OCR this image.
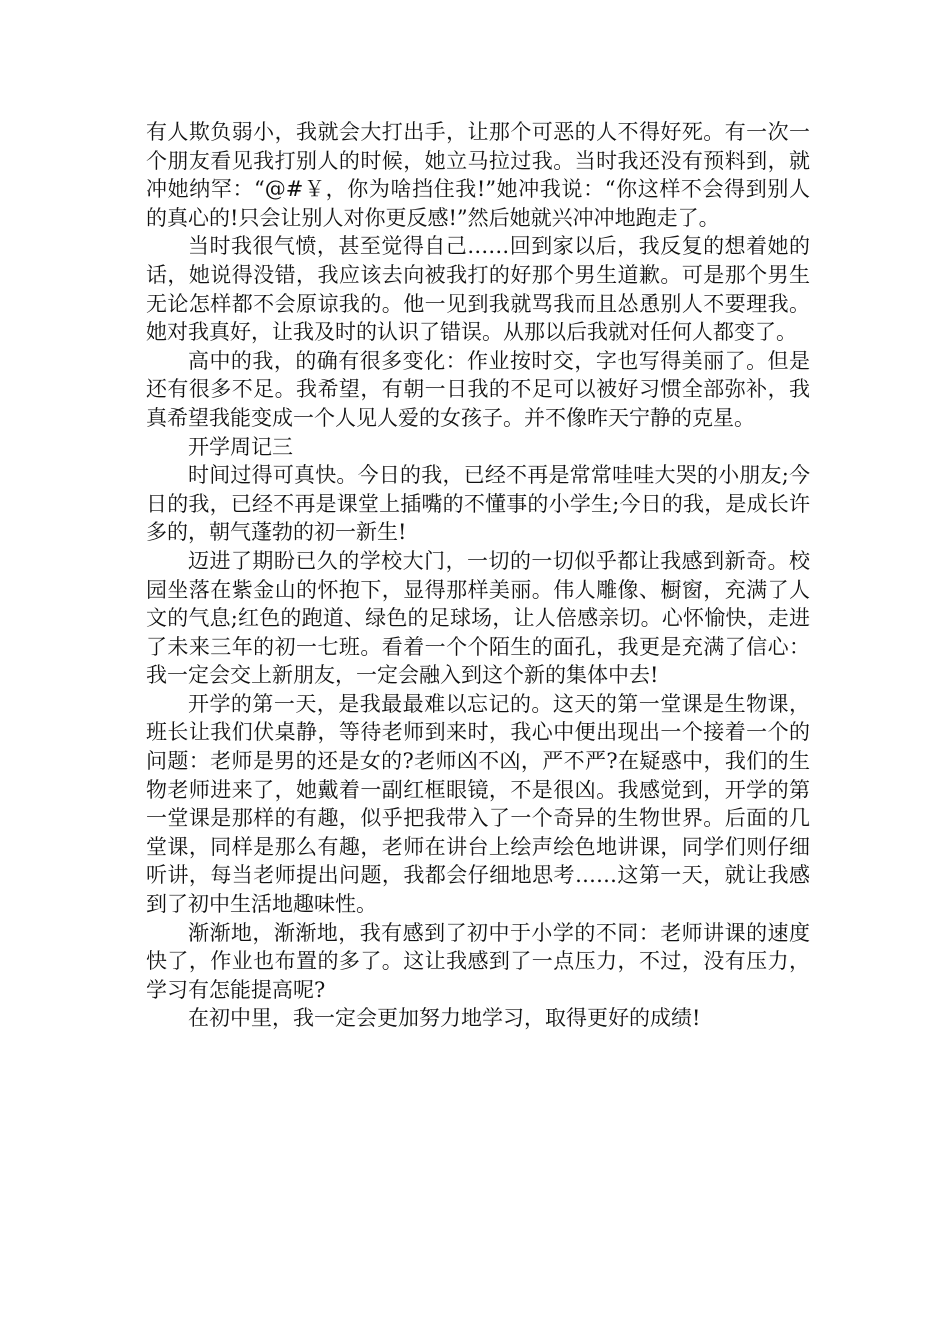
有人欺负弱小，我就会大打出手，让那个可恶的人不得好死。有一次一个朋友看见我打别人的时候，她立马拉过我。当时我还没有预料到，就冲她纳罕：“@#￥，你为啥挡住我!”她冲我说：“你这样不会得到别人的真心的!只会让别人对你更反感!”然后她就兴冲冲地跑走了。

当时我很气愤，甚至觉得自己……回到家以后，我反复的想着她的话，她说得没错，我应该去向被我打的好那个男生道歉。可是那个男生无论怎样都不会原谅我的。他一见到我就骂我而且怂恿别人不要理我。她对我真好，让我及时的认识了错误。从那以后我就对任何人都变了。

高中的我，的确有很多变化：作业按时交，字也写得美丽了。但是还有很多不足。我希望，有朝一日我的不足可以被好习惯全部弥补，我真希望我能变成一个人见人爱的女孩子。并不像昨天宁静的克星。

开学周记三

时间过得可真快。今日的我，已经不再是常常哇哇大哭的小朋友;今日的我，已经不再是课堂上插嘴的不懂事的小学生;今日的我，是成长许多的，朝气蓬勃的初一新生!

迈进了期盼已久的学校大门，一切的一切似乎都让我感到新奇。校园坐落在紫金山的怀抱下，显得那样美丽。伟人雕像、橱窗，充满了人文的气息;红色的跑道、绿色的足球场，让人倍感亲切。心怀愉快，走进了未来三年的初一七班。看着一个个陌生的面孔，我更是充满了信心：我一定会交上新朋友，一定会融入到这个新的集体中去!

开学的第一天，是我最最难以忘记的。这天的第一堂课是生物课，班长让我们伏桌静，等待老师到来时，我心中便出现出一个接着一个的问题：老师是男的还是女的?老师凶不凶，严不严?在疑惑中，我们的生物老师进来了，她戴着一副红框眼镜，不是很凶。我感觉到，开学的第一堂课是那样的有趣，似乎把我带入了一个奇异的生物世界。后面的几堂课，同样是那么有趣，老师在讲台上绘声绘色地讲课，同学们则仔细听讲，每当老师提出问题，我都会仔细地思考……这第一天，就让我感到了初中生活地趣味性。

渐渐地，渐渐地，我有感到了初中于小学的不同：老师讲课的速度快了，作业也布置的多了。这让我感到了一点压力，不过，没有压力，学习有怎能提高呢?

在初中里，我一定会更加努力地学习，取得更好的成绩!
